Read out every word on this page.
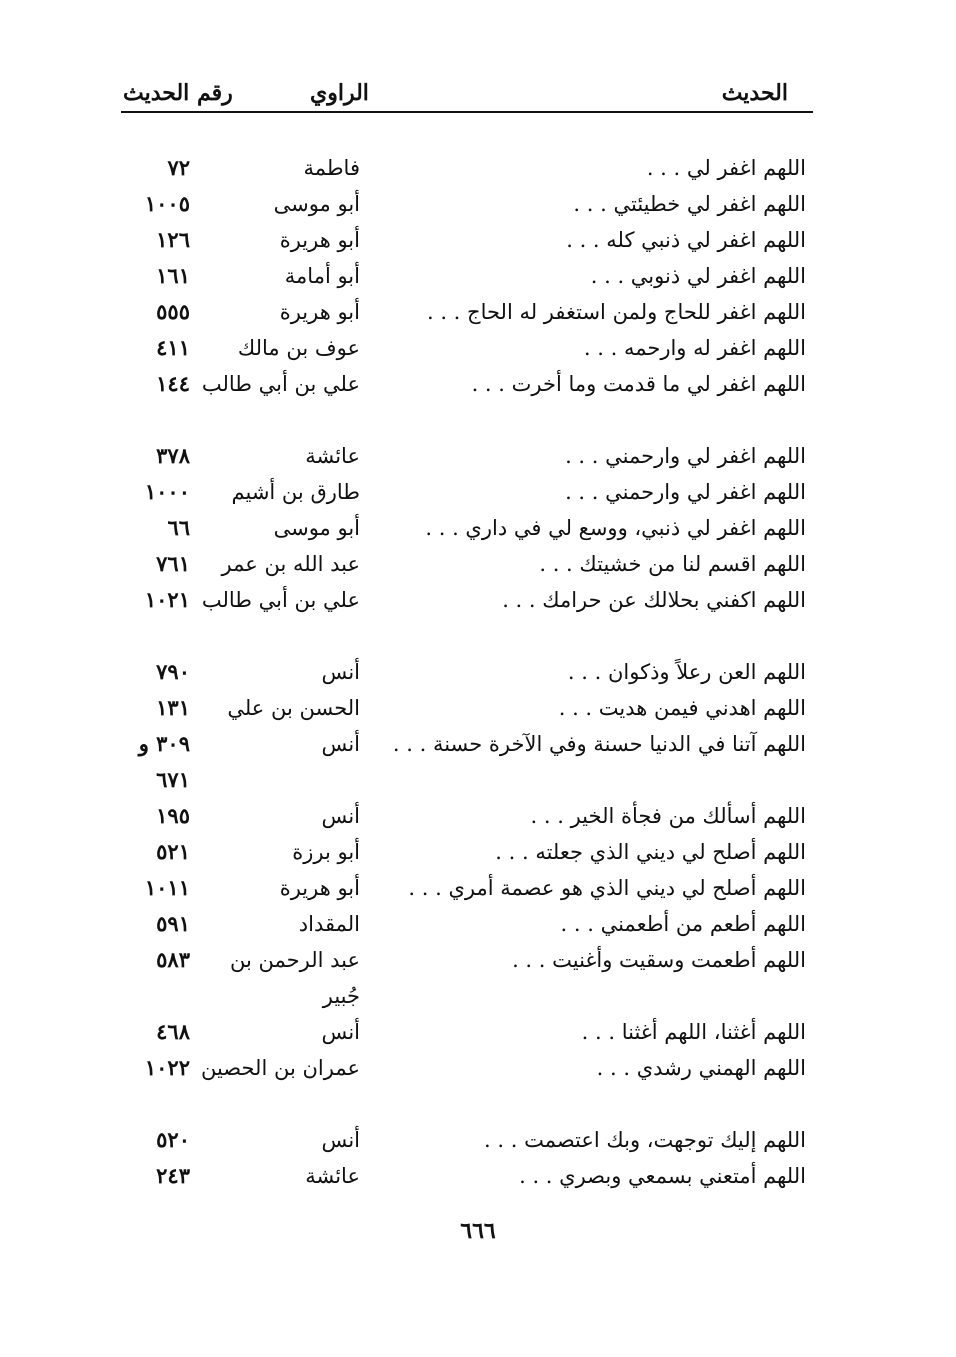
الحديث
الراوي
رقم الحديث
اللهم اغفر لي . . .
فاطمة
٧٢
اللهم اغفر لي خطيئتي . . .
أبو موسى
١٠٠٥
اللهم اغفر لي ذنبي كله . . .
أبو هريرة
١٢٦
اللهم اغفر لي ذنوبي . . .
أبو أمامة
١٦١
اللهم اغفر للحاج ولمن استغفر له الحاج . . .
أبو هريرة
٥٥٥
اللهم اغفر له وارحمه . . .
عوف بن مالك
٤١١
اللهم اغفر لي ما قدمت وما أخرت . . .
علي بن أبي طالب
١٤٤
اللهم اغفر لي وارحمني . . .
عائشة
٣٧٨
اللهم اغفر لي وارحمني . . .
طارق بن أشيم
١٠٠٠
اللهم اغفر لي ذنبي، ووسع لي في داري . . .
أبو موسى
٦٦
اللهم اقسم لنا من خشيتك . . .
عبد الله بن عمر
٧٦١
اللهم اكفني بحلالك عن حرامك . . .
علي بن أبي طالب
١٠٢١
اللهم العن رعلاً وذكوان . . .
أنس
٧٩٠
اللهم اهدني فيمن هديت . . .
الحسن بن علي
١٣١
اللهم آتنا في الدنيا حسنة وفي الآخرة حسنة . . .
أنس
٣٠٩ و ٦٧١
اللهم أسألك من فجأة الخير . . .
أنس
١٩٥
اللهم أصلح لي ديني الذي جعلته . . .
أبو برزة
٥٢١
اللهم أصلح لي ديني الذي هو عصمة أمري . . .
أبو هريرة
١٠١١
اللهم أطعم من أطعمني . . .
المقداد
٥٩١
اللهم أطعمت وسقيت وأغنيت . . .
عبد الرحمن بن جُبير
٥٨٣
اللهم أغثنا، اللهم أغثنا . . .
أنس
٤٦٨
اللهم الهمني رشدي . . .
عمران بن الحصين
١٠٢٢
اللهم إليك توجهت، وبك اعتصمت . . .
أنس
٥٢٠
اللهم أمتعني بسمعي وبصري . . .
عائشة
٢٤٣
٦٦٦
